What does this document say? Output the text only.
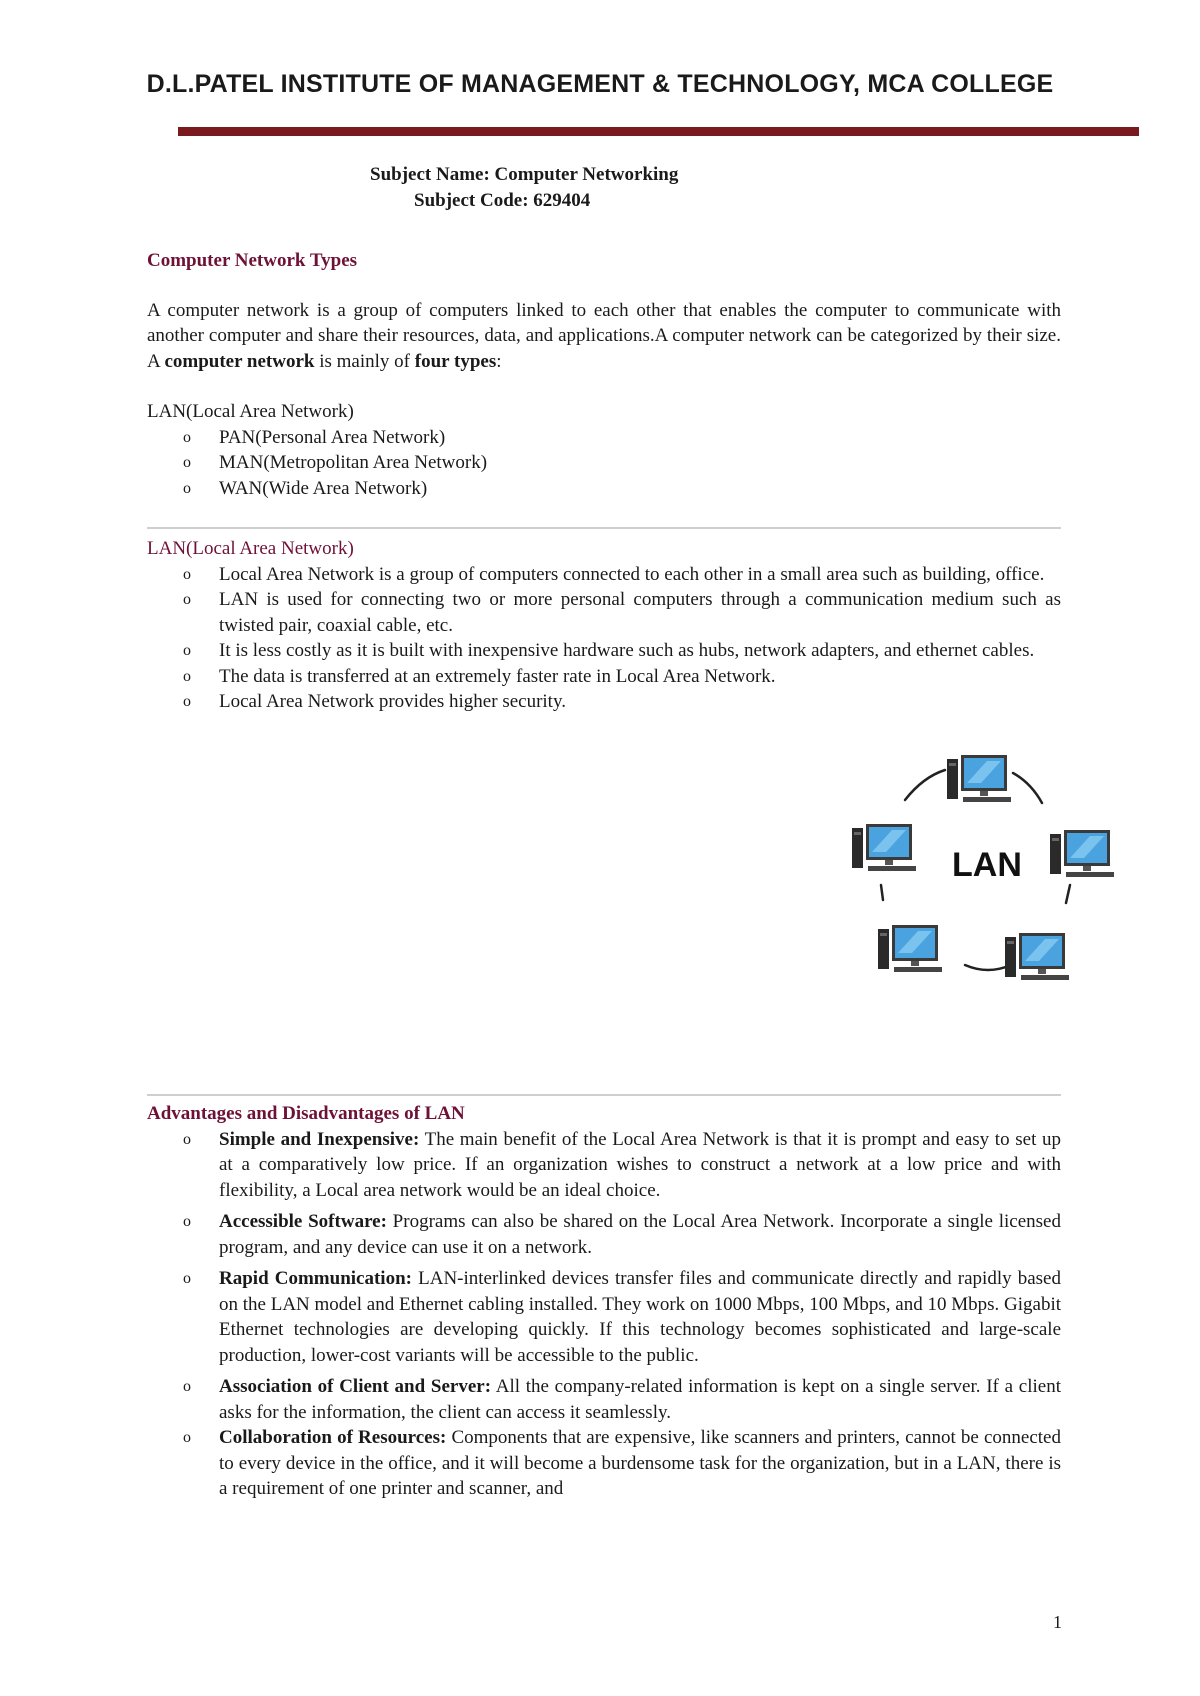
D.L.PATEL INSTITUTE OF MANAGEMENT & TECHNOLOGY, MCA COLLEGE
Subject Name: Computer Networking
Subject Code: 629404
Computer Network Types

A computer network is a group of computers linked to each other that enables the computer to communicate with another computer and share their resources, data, and applications.A computer network can be categorized by their size. A computer network is mainly of four types:

LAN(Local Area Network)
o PAN(Personal Area Network)
o MAN(Metropolitan Area Network)
o WAN(Wide Area Network)
LAN(Local Area Network)
o Local Area Network is a group of computers connected to each other in a small area such as building, office.
o LAN is used for connecting two or more personal computers through a communication medium such as twisted pair, coaxial cable, etc.
o It is less costly as it is built with inexpensive hardware such as hubs, network adapters, and ethernet cables.
o The data is transferred at an extremely faster rate in Local Area Network.
o Local Area Network provides higher security.
LAN
Advantages and Disadvantages of LAN
o Simple and Inexpensive: The main benefit of the Local Area Network is that it is prompt and easy to set up at a comparatively low price. If an organization wishes to construct a network at a low price and with flexibility, a Local area network would be an ideal choice.
o Accessible Software: Programs can also be shared on the Local Area Network. Incorporate a single licensed program, and any device can use it on a network.
o Rapid Communication: LAN-interlinked devices transfer files and communicate directly and rapidly based on the LAN model and Ethernet cabling installed. They work on 1000 Mbps, 100 Mbps, and 10 Mbps. Gigabit Ethernet technologies are developing quickly. If this technology becomes sophisticated and large-scale production, lower-cost variants will be accessible to the public.
o Association of Client and Server: All the company-related information is kept on a single server. If a client asks for the information, the client can access it seamlessly.
o Collaboration of Resources: Components that are expensive, like scanners and printers, cannot be connected to every device in the office, and it will become a burdensome task for the organization, but in a LAN, there is a requirement of one printer and scanner, and
1
